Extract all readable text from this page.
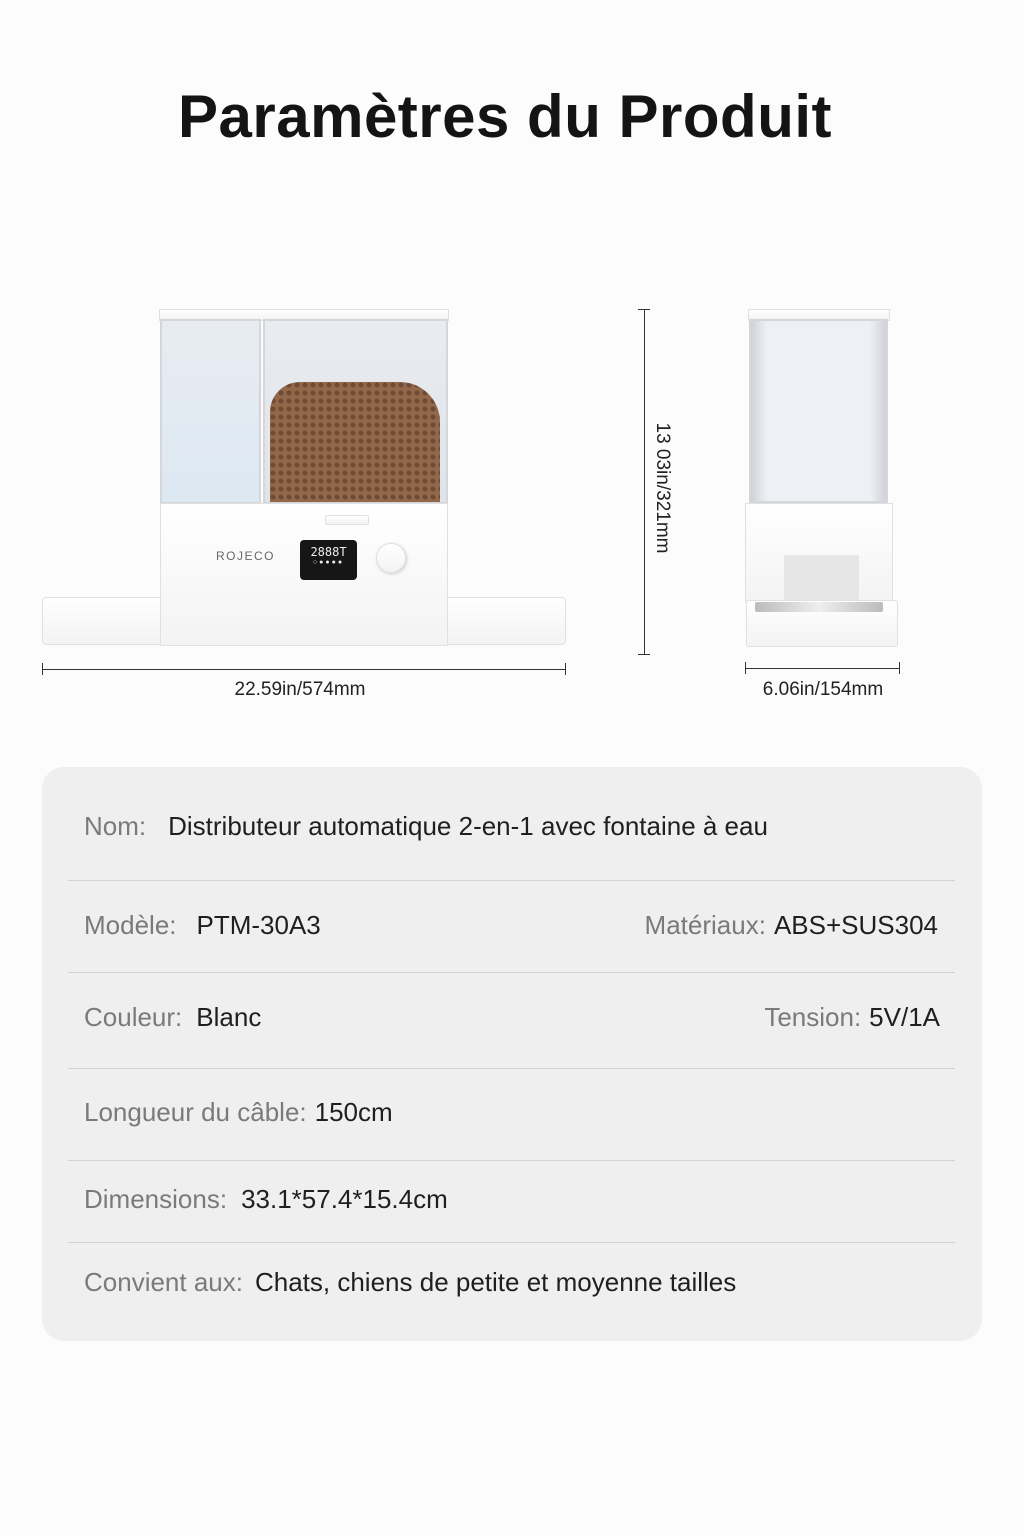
Paramètres du Produit
ROJECO	2888T
○●●●●
22.59in/574mm
13 03in/321mm
6.06in/154mm
Nom: Distributeur automatique 2-en-1 avec fontaine à eau
Modèle: PTM-30A3	Matériaux: ABS+SUS304
Couleur: Blanc	Tension: 5V/1A
Longueur du câble: 150cm
Dimensions: 33.1*57.4*15.4cm
Convient aux: Chats, chiens de petite et moyenne tailles
